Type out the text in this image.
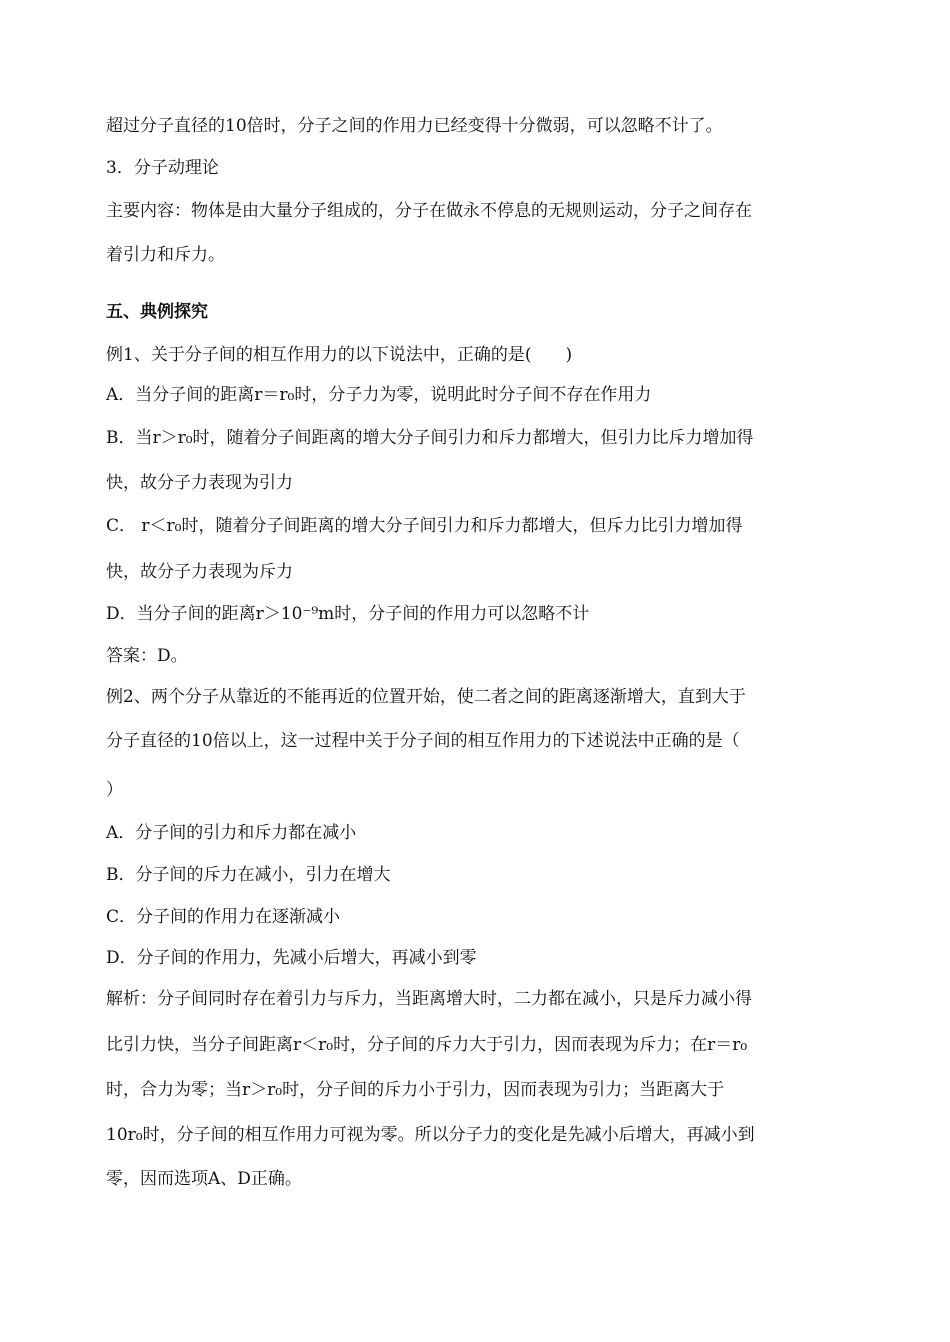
超过分子直径的10倍时，分子之间的作用力已经变得十分微弱，可以忽略不计了。
3．分子动理论
主要内容：物体是由大量分子组成的，分子在做永不停息的无规则运动，分子之间存在
着引力和斥力。
五、典例探究
例1、关于分子间的相互作用力的以下说法中，正确的是(　　)
A．当分子间的距离r＝r₀时，分子力为零，说明此时分子间不存在作用力
B．当r＞r₀时，随着分子间距离的增大分子间引力和斥力都增大，但引力比斥力增加得
快，故分子力表现为引力
C． r＜r₀时，随着分子间距离的增大分子间引力和斥力都增大，但斥力比引力增加得
快，故分子力表现为斥力
D．当分子间的距离r＞10⁻⁹m时，分子间的作用力可以忽略不计
答案：D。
例2、两个分子从靠近的不能再近的位置开始，使二者之间的距离逐渐增大，直到大于
分子直径的10倍以上，这一过程中关于分子间的相互作用力的下述说法中正确的是（
）
A．分子间的引力和斥力都在减小
B．分子间的斥力在减小，引力在增大
C．分子间的作用力在逐渐减小
D．分子间的作用力，先减小后增大，再减小到零
解析：分子间同时存在着引力与斥力，当距离增大时，二力都在减小，只是斥力减小得
比引力快，当分子间距离r＜r₀时，分子间的斥力大于引力，因而表现为斥力；在r＝r₀
时，合力为零；当r＞r₀时，分子间的斥力小于引力，因而表现为引力；当距离大于
10r₀时，分子间的相互作用力可视为零。所以分子力的变化是先减小后增大，再减小到
零，因而选项A、D正确。
